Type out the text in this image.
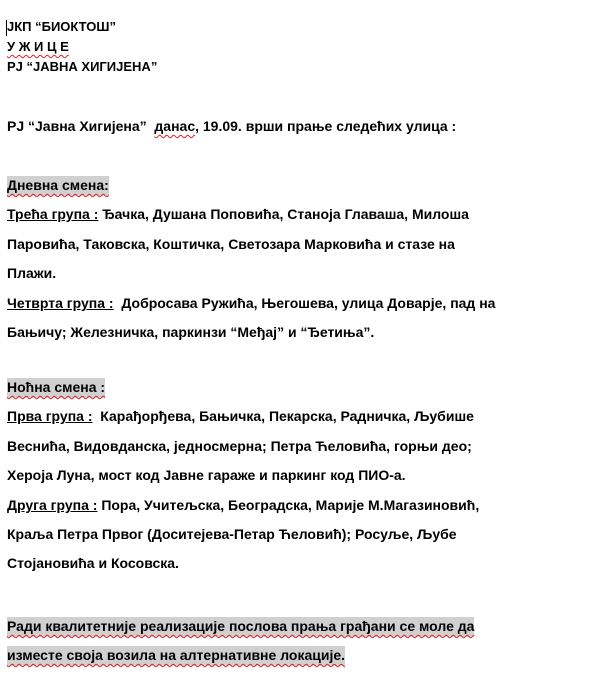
ЈКП “БИОКТОШ”
У Ж И Ц Е
РЈ “ЈАВНА ХИГИЈЕНА”
РЈ “Јавна Хигијена” данас, 19.09. врши прање следећих улица :
Дневна смена:
Трећа група : Ђачка, Душана Поповића, Станоја Главаша, Милоша
Паровића, Таковска, Коштичка, Светозара Марковића и стазе на
Плажи.
Четврта група : Добросава Ружића, Његошева, улица Доварје, пад на
Бањичу; Железничка, паркинзи “Међај” и “Ђетиња”.
Ноћна смена :
Прва група : Карађорђева, Бањичка, Пекарска, Радничка, Љубише
Веснића, Видовданска, једносмерна; Петра Ћеловића, горњи део;
Хероја Луна, мост код Јавне гараже и паркинг код ПИО-а.
Друга група : Пора, Учитељска, Београдска, Марије М.Магазиновић,
Краља Петра Првог (Доситејева-Петар Ћеловић); Росуље, Љубе
Стојановића и Косовска.
Ради квалитетније реализације послова прања грађани се моле да
изместе своја возила на алтернативне локације.
